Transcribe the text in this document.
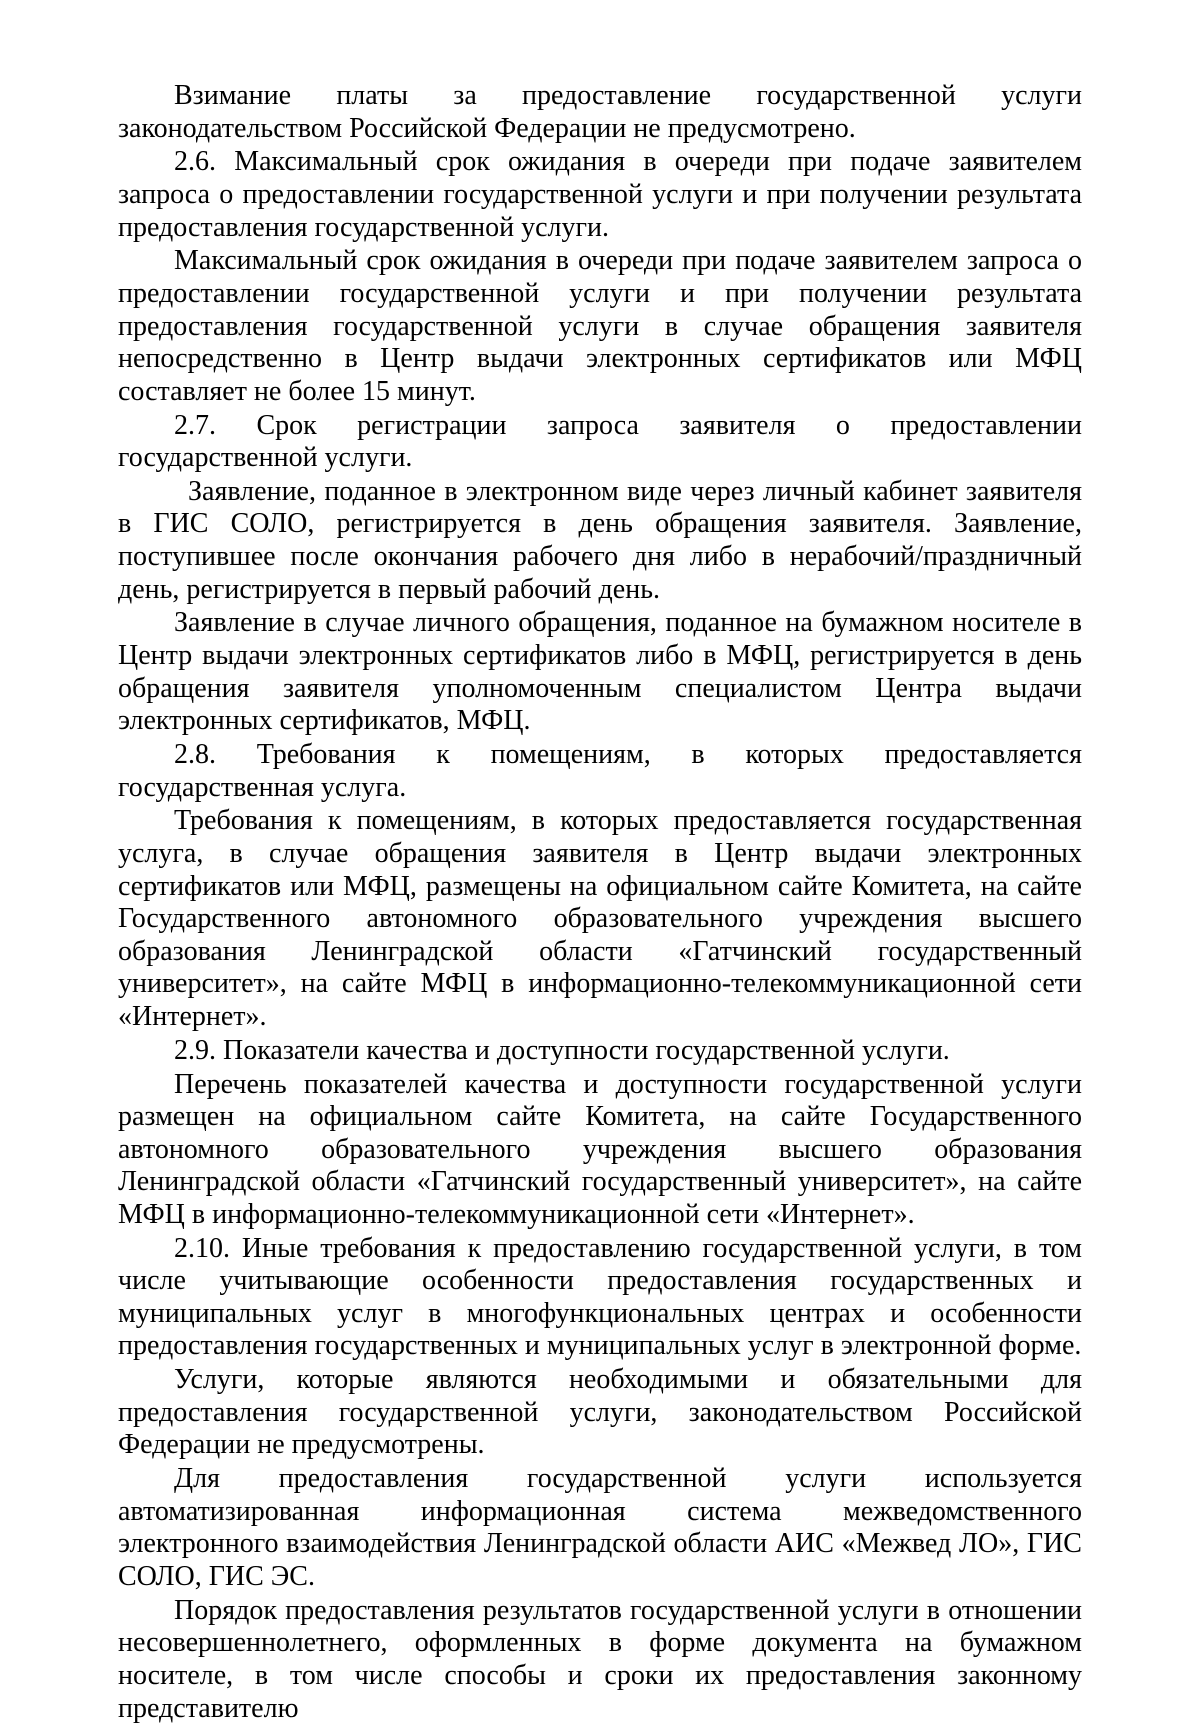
Взимание платы за предоставление государственной услуги законодательством Российской Федерации не предусмотрено.

2.6. Максимальный срок ожидания в очереди при подаче заявителем запроса о предоставлении государственной услуги и при получении результата предоставления государственной услуги.

Максимальный срок ожидания в очереди при подаче заявителем запроса о предоставлении государственной услуги и при получении результата предоставления государственной услуги в случае обращения заявителя непосредственно в Центр выдачи электронных сертификатов или МФЦ составляет не более 15 минут.

2.7. Срок регистрации запроса заявителя о предоставлении государственной услуги.

Заявление, поданное в электронном виде через личный кабинет заявителя в ГИС СОЛО, регистрируется в день обращения заявителя. Заявление, поступившее после окончания рабочего дня либо в нерабочий/праздничный день, регистрируется в первый рабочий день.

Заявление в случае личного обращения, поданное на бумажном носителе в Центр выдачи электронных сертификатов либо в МФЦ, регистрируется в день обращения заявителя уполномоченным специалистом Центра выдачи электронных сертификатов, МФЦ.

2.8. Требования к помещениям, в которых предоставляется государственная услуга.

Требования к помещениям, в которых предоставляется государственная услуга, в случае обращения заявителя в Центр выдачи электронных сертификатов или МФЦ, размещены на официальном сайте Комитета, на сайте Государственного автономного образовательного учреждения высшего образования Ленинградской области «Гатчинский государственный университет», на сайте МФЦ в информационно-телекоммуникационной сети «Интернет».

2.9. Показатели качества и доступности государственной услуги.

Перечень показателей качества и доступности государственной услуги размещен на официальном сайте Комитета, на сайте Государственного автономного образовательного учреждения высшего образования Ленинградской области «Гатчинский государственный университет», на сайте МФЦ в информационно-телекоммуникационной сети «Интернет».

2.10. Иные требования к предоставлению государственной услуги, в том числе учитывающие особенности предоставления государственных и муниципальных услуг в многофункциональных центрах и особенности предоставления государственных и муниципальных услуг в электронной форме.

Услуги, которые являются необходимыми и обязательными для предоставления государственной услуги, законодательством Российской Федерации не предусмотрены.

Для предоставления государственной услуги используется автоматизированная информационная система межведомственного электронного взаимодействия Ленинградской области АИС «Межвед ЛО», ГИС СОЛО, ГИС ЭС.

Порядок предоставления результатов государственной услуги в отношении несовершеннолетнего, оформленных в форме документа на бумажном носителе, в том числе способы и сроки их предоставления законному представителю
